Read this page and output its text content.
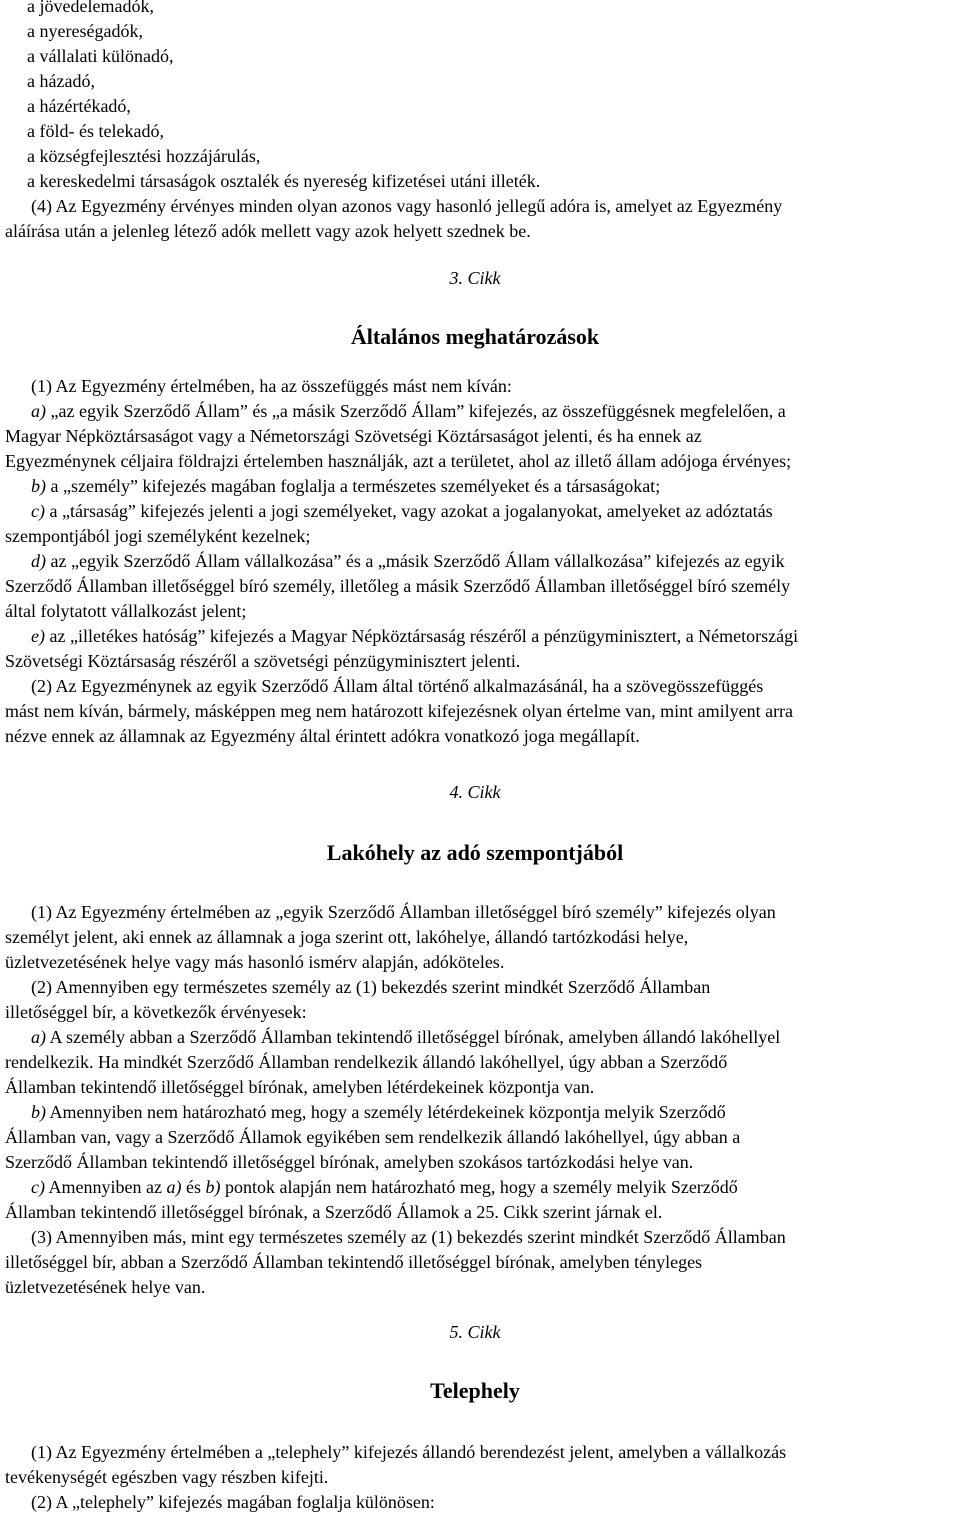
a jövedelemadók,

a nyereségadók,

a vállalati különadó,

a házadó,

a házértékadó,

a föld- és telekadó,

a községfejlesztési hozzájárulás,

a kereskedelmi társaságok osztalék és nyereség kifizetései utáni illeték.

(4) Az Egyezmény érvényes minden olyan azonos vagy hasonló jellegű adóra is, amelyet az Egyezmény

aláírása után a jelenleg létező adók mellett vagy azok helyett szednek be.

3. Cikk

Általános meghatározások

(1) Az Egyezmény értelmében, ha az összefüggés mást nem kíván:

a) „az egyik Szerződő Állam” és „a másik Szerződő Állam” kifejezés, az összefüggésnek megfelelően, a

Magyar Népköztársaságot vagy a Németországi Szövetségi Köztársaságot jelenti, és ha ennek az

Egyezménynek céljaira földrajzi értelemben használják, azt a területet, ahol az illető állam adójoga érvényes;

b) a „személy” kifejezés magában foglalja a természetes személyeket és a társaságokat;

c) a „társaság” kifejezés jelenti a jogi személyeket, vagy azokat a jogalanyokat, amelyeket az adóztatás

szempontjából jogi személyként kezelnek;

d) az „egyik Szerződő Állam vállalkozása” és a „másik Szerződő Állam vállalkozása” kifejezés az egyik

Szerződő Államban illetőséggel bíró személy, illetőleg a másik Szerződő Államban illetőséggel bíró személy

által folytatott vállalkozást jelent;

e) az „illetékes hatóság” kifejezés a Magyar Népköztársaság részéről a pénzügyminisztert, a Németországi

Szövetségi Köztársaság részéről a szövetségi pénzügyminisztert jelenti.

(2) Az Egyezménynek az egyik Szerződő Állam által történő alkalmazásánál, ha a szövegösszefüggés

mást nem kíván, bármely, másképpen meg nem határozott kifejezésnek olyan értelme van, mint amilyent arra

nézve ennek az államnak az Egyezmény által érintett adókra vonatkozó joga megállapít.

4. Cikk

Lakóhely az adó szempontjából

(1) Az Egyezmény értelmében az „egyik Szerződő Államban illetőséggel bíró személy” kifejezés olyan

személyt jelent, aki ennek az államnak a joga szerint ott, lakóhelye, állandó tartózkodási helye,

üzletvezetésének helye vagy más hasonló ismérv alapján, adóköteles.

(2) Amennyiben egy természetes személy az (1) bekezdés szerint mindkét Szerződő Államban

illetőséggel bír, a következők érvényesek:

a) A személy abban a Szerződő Államban tekintendő illetőséggel bírónak, amelyben állandó lakóhellyel

rendelkezik. Ha mindkét Szerződő Államban rendelkezik állandó lakóhellyel, úgy abban a Szerződő

Államban tekintendő illetőséggel bírónak, amelyben létérdekeinek központja van.

b) Amennyiben nem határozható meg, hogy a személy létérdekeinek központja melyik Szerződő

Államban van, vagy a Szerződő Államok egyikében sem rendelkezik állandó lakóhellyel, úgy abban a

Szerződő Államban tekintendő illetőséggel bírónak, amelyben szokásos tartózkodási helye van.

c) Amennyiben az a) és b) pontok alapján nem határozható meg, hogy a személy melyik Szerződő

Államban tekintendő illetőséggel bírónak, a Szerződő Államok a 25. Cikk szerint járnak el.

(3) Amennyiben más, mint egy természetes személy az (1) bekezdés szerint mindkét Szerződő Államban

illetőséggel bír, abban a Szerződő Államban tekintendő illetőséggel bírónak, amelyben tényleges

üzletvezetésének helye van.

5. Cikk

Telephely

(1) Az Egyezmény értelmében a „telephely” kifejezés állandó berendezést jelent, amelyben a vállalkozás

tevékenységét egészben vagy részben kifejti.

(2) A „telephely” kifejezés magában foglalja különösen:
